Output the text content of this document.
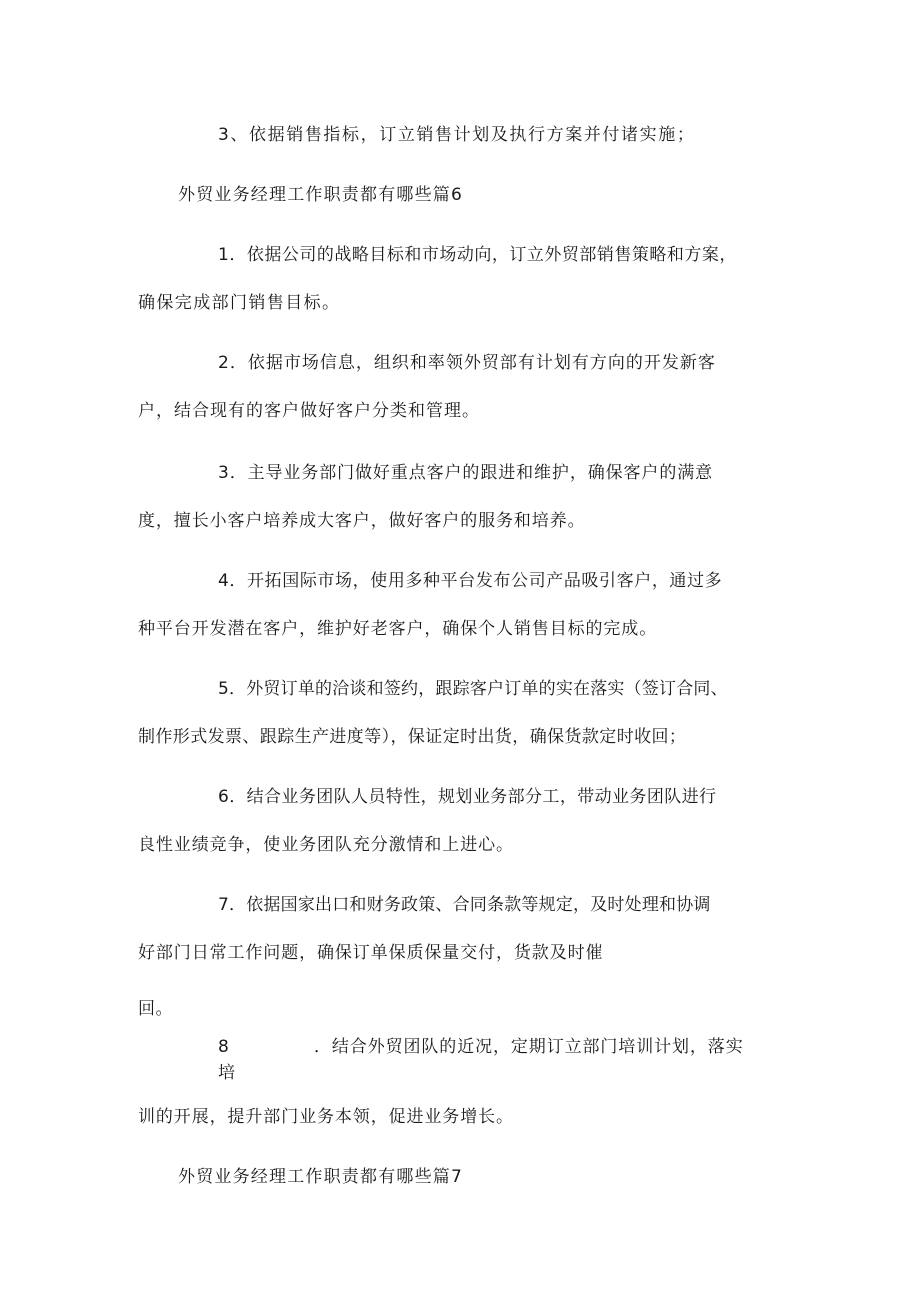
3、依据销售指标，订立销售计划及执行方案并付诸实施；
外贸业务经理工作职责都有哪些篇6
1．依据公司的战略目标和市场动向，订立外贸部销售策略和方案，
确保完成部门销售目标。
2．依据市场信息，组织和率领外贸部有计划有方向的开发新客
户，结合现有的客户做好客户分类和管理。
3．主导业务部门做好重点客户的跟进和维护，确保客户的满意
度，擅长小客户培养成大客户，做好客户的服务和培养。
4．开拓国际市场，使用多种平台发布公司产品吸引客户，通过多
种平台开发潜在客户，维护好老客户，确保个人销售目标的完成。
5．外贸订单的洽谈和签约，跟踪客户订单的实在落实（签订合同、
制作形式发票、跟踪生产进度等），保证定时出货，确保货款定时收回；
6．结合业务团队人员特性，规划业务部分工，带动业务团队进行
良性业绩竞争，使业务团队充分激情和上进心。
7．依据国家出口和财务政策、合同条款等规定，及时处理和协调
好部门日常工作问题，确保订单保质保量交付，货款及时催
回。
8	．结合外贸团队的近况，定期订立部门培训计划，落实
培
训的开展，提升部门业务本领，促进业务增长。
外贸业务经理工作职责都有哪些篇7
